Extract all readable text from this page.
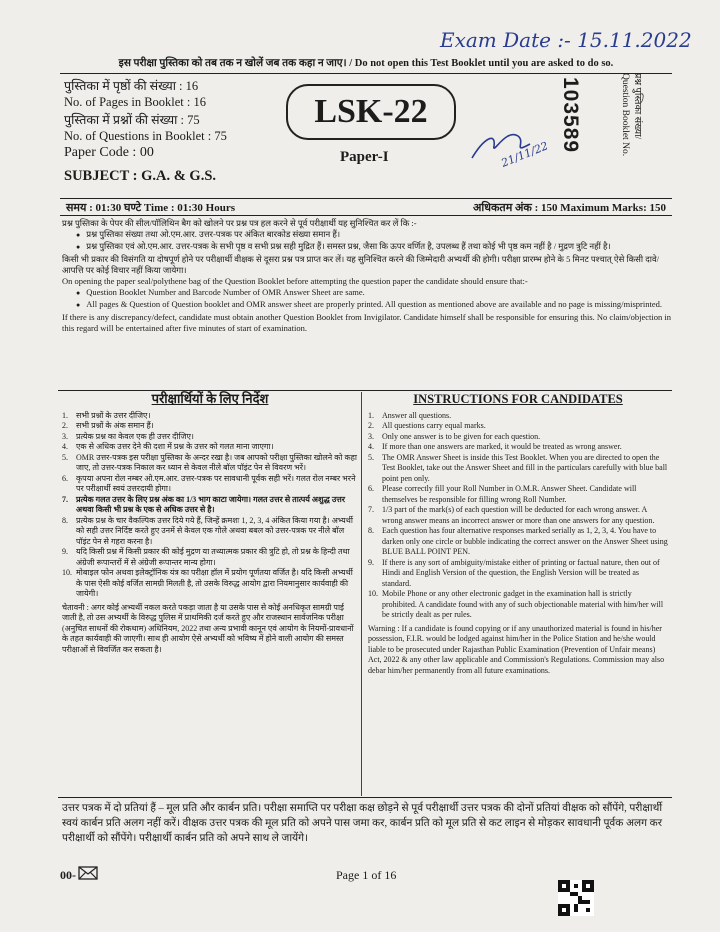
Exam Date :- 15.11.2022
इस परीक्षा पुस्तिका को तब तक न खोलें जब तक कहा न जाए। / Do not open this Test Booklet until you are asked to do so.
पुस्तिका में पृष्ठों की संख्या : 16
No. of Pages in Booklet : 16
पुस्तिका में प्रश्नों की संख्या : 75
No. of Questions in Booklet : 75
Paper Code : 00
SUBJECT : G.A. & G.S.
LSK-22
Paper-I	21/11/22
103589	प्रश्न पुस्तिका संख्या/
Question Booklet No.
समय : 01:30 घण्टे Time : 01:30 Hours	अधिकतम अंक : 150 Maximum Marks: 150
प्रश्न पुस्तिका के पेपर की सील/पॉलिथिन बैग को खोलने पर प्रश्न पत्र हल करने से पूर्व परीक्षार्थी यह सुनिश्चित कर लें कि :-
● प्रश्न पुस्तिका संख्या तथा ओ.एम.आर. उत्तर-पत्रक पर अंकित बारकोड संख्या समान हैं।
● प्रश्न पुस्तिका एवं ओ.एम.आर. उत्तर-पत्रक के सभी पृष्ठ व सभी प्रश्न सही मुद्रित हैं। समस्त प्रश्न, जैसा कि ऊपर वर्णित है, उपलब्ध हैं तथा कोई भी पृष्ठ कम नहीं है / मुद्रण त्रुटि नहीं है।
किसी भी प्रकार की विसंगति या दोषपूर्ण होने पर परीक्षार्थी वीक्षक से दूसरा प्रश्न पत्र प्राप्त कर लें। यह सुनिश्चित करने की जिम्मेदारी अभ्यर्थी की होगी। परीक्षा प्रारम्भ होने के 5 मिनट पश्चात् ऐसे किसी दावे/आपत्ति पर कोई विचार नहीं किया जायेगा।
On opening the paper seal/polythene bag of the Question Booklet before attempting the question paper the candidate should ensure that:-
● Question Booklet Number and Barcode Number of OMR Answer Sheet are same.
● All pages & Question of Question booklet and OMR answer sheet are properly printed. All question as mentioned above are available and no page is missing/misprinted.
If there is any discrepancy/defect, candidate must obtain another Question Booklet from Invigilator. Candidate himself shall be responsible for ensuring this. No claim/objection in this regard will be entertained after five minutes of start of examination.
परीक्षार्थियों के लिए निर्देश
1.	सभी प्रश्नों के उत्तर दीजिए।
2.	सभी प्रश्नों के अंक समान हैं।
3.	प्रत्येक प्रश्न का केवल एक ही उत्तर दीजिए।
4.	एक से अधिक उत्तर देने की दशा में प्रश्न के उत्तर को गलत माना जाएगा।
5.	OMR उत्तर-पत्रक इस परीक्षा पुस्तिका के अन्दर रखा है। जब आपको परीक्षा पुस्तिका खोलने को कहा जाए, तो उत्तर-पत्रक निकाल कर ध्यान से केवल नीले बॉल पॉइंट पेन से विवरण भरें।
6.	कृपया अपना रोल नम्बर ओ.एम.आर. उत्तर-पत्रक पर सावधानी पूर्वक सही भरें। गलत रोल नम्बर भरने पर परीक्षार्थी स्वयं उत्तरदायी होगा।
7.	प्रत्येक गलत उत्तर के लिए प्रश्न अंक का 1/3 भाग काटा जायेगा। गलत उत्तर से तात्पर्य अशुद्ध उत्तर अथवा किसी भी प्रश्न के एक से अधिक उत्तर से है।
8.	प्रत्येक प्रश्न के चार वैकल्पिक उत्तर दिये गये हैं, जिन्हें क्रमशः 1, 2, 3, 4 अंकित किया गया है। अभ्यर्थी को सही उत्तर निर्दिष्ट करते हुए उनमें से केवल एक गोले अथवा बबल को उत्तर-पत्रक पर नीले बॉल पॉइंट पेन से गहरा करना है।
9.	यदि किसी प्रश्न में किसी प्रकार की कोई मुद्रण या तथ्यात्मक प्रकार की त्रुटि हो, तो प्रश्न के हिन्दी तथा अंग्रेजी रूपान्तरों में से अंग्रेजी रूपान्तर मान्य होगा।
10. मोबाइल फोन अथवा इलेक्ट्रॉनिक यंत्र का परीक्षा हॉल में प्रयोग पूर्णतया वर्जित है। यदि किसी अभ्यर्थी के पास ऐसी कोई वर्जित सामग्री मिलती है, तो उसके विरुद्ध आयोग द्वारा नियमानुसार कार्यवाही की जायेगी।
चेतावनी : अगर कोई अभ्यर्थी नकल करते पकड़ा जाता है या उसके पास से कोई अनधिकृत सामग्री पाई जाती है, तो उस अभ्यर्थी के विरुद्ध पुलिस में प्राथमिकी दर्ज करते हुए और राजस्थान सार्वजनिक परीक्षा (अनुचित साधनों की रोकथाम) अधिनियम, 2022 तथा अन्य प्रभावी कानून एवं आयोग के नियमों-प्रावधानों के तहत कार्यवाही की जाएगी। साथ ही आयोग ऐसे अभ्यर्थी को भविष्य में होने वाली आयोग की समस्त परीक्षाओं से विवर्जित कर सकता है।
INSTRUCTIONS FOR CANDIDATES
1.	Answer all questions.
2.	All questions carry equal marks.
3.	Only one answer is to be given for each question.
4.	If more than one answers are marked, it would be treated as wrong answer.
5.	The OMR Answer Sheet is inside this Test Booklet. When you are directed to open the Test Booklet, take out the Answer Sheet and fill in the particulars carefully with blue ball point pen only.
6.	Please correctly fill your Roll Number in O.M.R. Answer Sheet. Candidate will themselves be responsible for filling wrong Roll Number.
7.	1/3 part of the mark(s) of each question will be deducted for each wrong answer. A wrong answer means an incorrect answer or more than one answers for any question.
8.	Each question has four alternative responses marked serially as 1, 2, 3, 4. You have to darken only one circle or bubble indicating the correct answer on the Answer Sheet using BLUE BALL POINT PEN.
9.	If there is any sort of ambiguity/mistake either of printing or factual nature, then out of Hindi and English Version of the question, the English Version will be treated as standard.
10. Mobile Phone or any other electronic gadget in the examination hall is strictly prohibited. A candidate found with any of such objectionable material with him/her will be strictly dealt as per rules.
Warning : If a candidate is found copying or if any unauthorized material is found in his/her possession, F.I.R. would be lodged against him/her in the Police Station and he/she would liable to be prosecuted under Rajasthan Public Examination (Prevention of Unfair means) Act, 2022 & any other law applicable and Commission's Regulations. Commission may also debar him/her permanently from all future examinations.
उत्तर पत्रक में दो प्रतियां हैं – मूल प्रति और कार्बन प्रति। परीक्षा समाप्ति पर परीक्षा कक्ष छोड़ने से पूर्व परीक्षार्थी उत्तर पत्रक की दोनों प्रतियां वीक्षक को सौंपेंगे, परीक्षार्थी स्वयं कार्बन प्रति अलग नहीं करें। वीक्षक उत्तर पत्रक की मूल प्रति को अपने पास जमा कर, कार्बन प्रति को मूल प्रति से कट लाइन से मोड़कर सावधानी पूर्वक अलग कर परीक्षार्थी को सौंपेंगे। परीक्षार्थी कार्बन प्रति को अपने साथ ले जायेंगे।
00-	Page 1 of 16
